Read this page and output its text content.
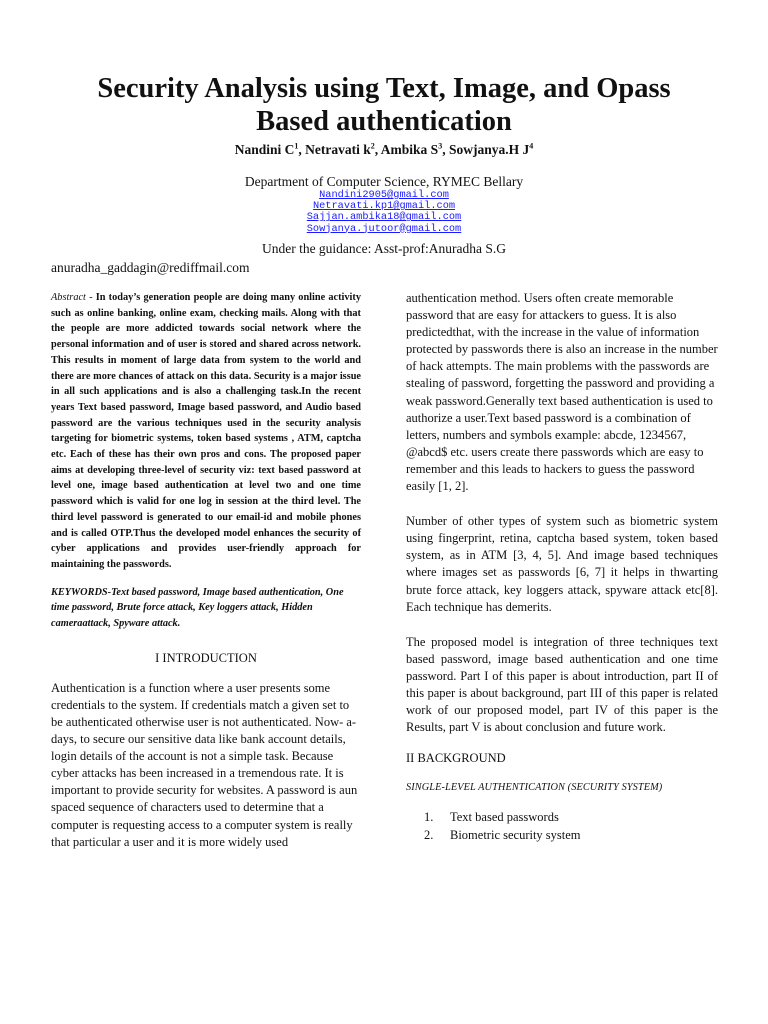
Security Analysis using Text, Image, and Opass
Based authentication
Nandini $C^1$, Netravati $k^2$, Ambika $S^3$, Sowjanya.H $J^4$
Department of Computer Science, RYMEC Bellary
Nandini2905@gmail.com
Netravati.kp1@gmail.com
Sajjan.ambika18@gmail.com
Sowjanya.jutoor@gmail.com
Under the guidance: Asst-prof:Anuradha S.G
anuradha_gaddagin@rediffmail.com

Abstract - In today’s generation people are doing many online activity such as online banking, online exam, checking mails. Along with that the people are more addicted towards social network where the personal information and of user is stored and shared across network. This results in moment of large data from system to the world and there are more chances of attack on this data. Security is a major issue in all such applications and is also a challenging task.In the recent years Text based password, Image based password, and Audio based password are the various techniques used in the security analysis targeting for biometric systems, token based systems , ATM, captcha etc. Each of these has their own pros and cons. The proposed paper aims at developing three-level of security viz: text based password at level one, image based authentication at level two and one time password which is valid for one log in session at the third level. The third level password is generated to our email-id and mobile phones and is called OTP.Thus the developed model enhances the security of cyber applications and provides user-friendly approach for maintaining the passwords.

KEYWORDS-Text based password, Image based authentication, One time password, Brute force attack, Key loggers attack, Hidden cameraattack, Spyware attack.

I INTRODUCTION

Authentication is a function where a user presents some credentials to the system. If credentials match a given set to be authenticated otherwise user is not authenticated. Now- a-days, to secure our sensitive data like bank account details, login details of the account is not a simple task. Because cyber attacks has been increased in a tremendous rate. It is important to provide security for websites. A password is aun spaced sequence of characters used to determine that a computer is requesting access to a computer system is really that particular a user and it is more widely used

authentication method. Users often create memorable password that are easy for attackers to guess. It is also predictedthat, with the increase in the value of information protected by passwords there is also an increase in the number of hack attempts. The main problems with the passwords are stealing of password, forgetting the password and providing a weak password.Generally text based authentication is used to authorize a user.Text based password is a combination of letters, numbers and symbols example: abcde, 1234567, @abcd$ etc. users create there passwords which are easy to remember and this leads to hackers to guess the password easily [1, 2].

Number of other types of system such as biometric system using fingerprint, retina, captcha based system, token based system, as in ATM [3, 4, 5]. And image based techniques where images set as passwords [6, 7] it helps in thwarting brute force attack, key loggers attack, spyware attack etc[8]. Each technique has demerits.

The proposed model is integration of three techniques text based password, image based authentication and one time password. Part I of this paper is about introduction, part II of this paper is about background, part III of this paper is related work of our proposed model, part IV of this paper is the Results, part V is about conclusion and future work.

II BACKGROUND

SINGLE-LEVEL AUTHENTICATION (SECURITY SYSTEM)

1.	Text based passwords
2.	Biometric security system
